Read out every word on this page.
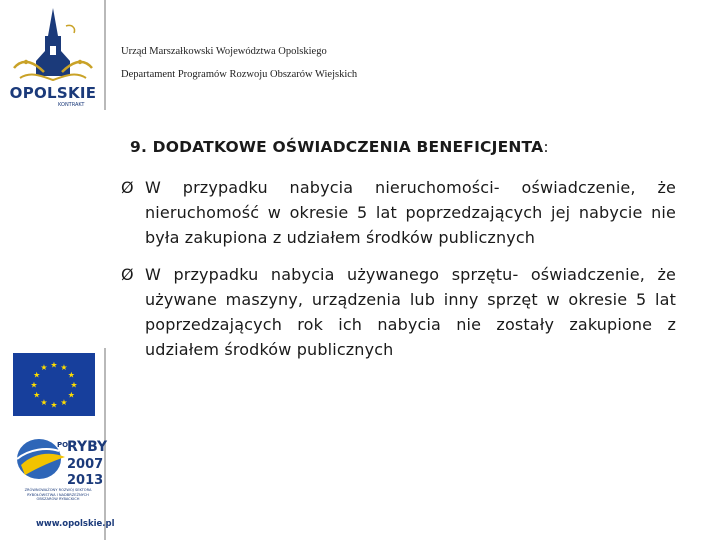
OPOLSKIE
KONTRAKT
Urząd Marszałkowski Województwa Opolskiego
Departament Programów Rozwoju Obszarów Wiejskich
9. DODATKOWE OŚWIADCZENIA BENEFICJENTA:
Ø W przypadku nabycia nieruchomości- oświadczenie, że nieruchomość w okresie 5 lat poprzedzających jej nabycie nie była zakupiona z udziałem środków publicznych
Ø W przypadku nabycia używanego sprzętu- oświadczenie, że używane maszyny, urządzenia lub inny sprzęt w okresie 5 lat poprzedzających rok ich nabycia nie zostały zakupione z udziałem środków publicznych
★ ★
★
★
★
★
★
★
★
★
★
★
PO
RYBY
2007
2013
ZRÓWNOWAŻONY ROZWÓJ SEKTORA RYBOŁÓWSTWA I NADBRZEŻNYCH OBSZARÓW RYBACKICH
www.opolskie.pl
